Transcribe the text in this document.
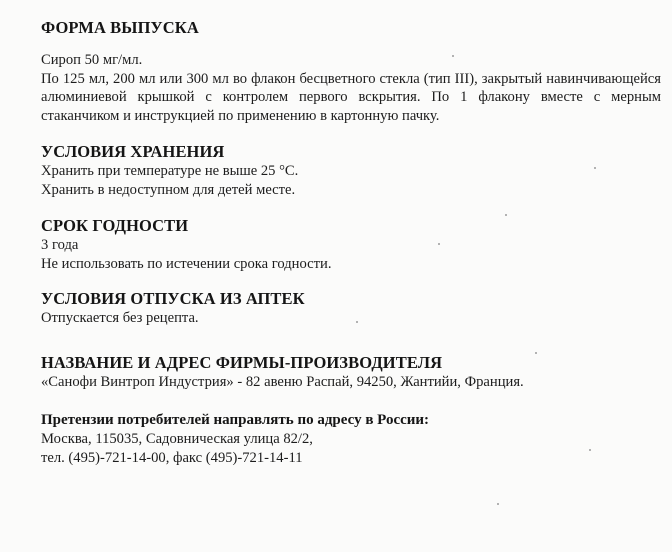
ФОРМА ВЫПУСКА

Сироп 50 мг/мл.

По 125 мл, 200 мл или 300 мл во флакон бесцветного стекла (тип III), закрытый навинчивающейся алюминиевой крышкой с контролем первого вскрытия. По 1 флакону вместе с мерным стаканчиком и инструкцией по применению в картонную пачку.

УСЛОВИЯ ХРАНЕНИЯ

Хранить при температуре не выше 25 °С.

Хранить в недоступном для детей месте.

СРОК ГОДНОСТИ

3 года

Не использовать по истечении срока годности.

УСЛОВИЯ ОТПУСКА ИЗ АПТЕК

Отпускается без рецепта.

НАЗВАНИЕ И АДРЕС ФИРМЫ-ПРОИЗВОДИТЕЛЯ

«Санофи Винтроп Индустрия» - 82 авеню Распай, 94250, Жантийи, Франция.

Претензии потребителей направлять по адресу в России:

Москва, 115035, Садовническая улица 82/2,

тел. (495)-721-14-00, факс (495)-721-14-11
